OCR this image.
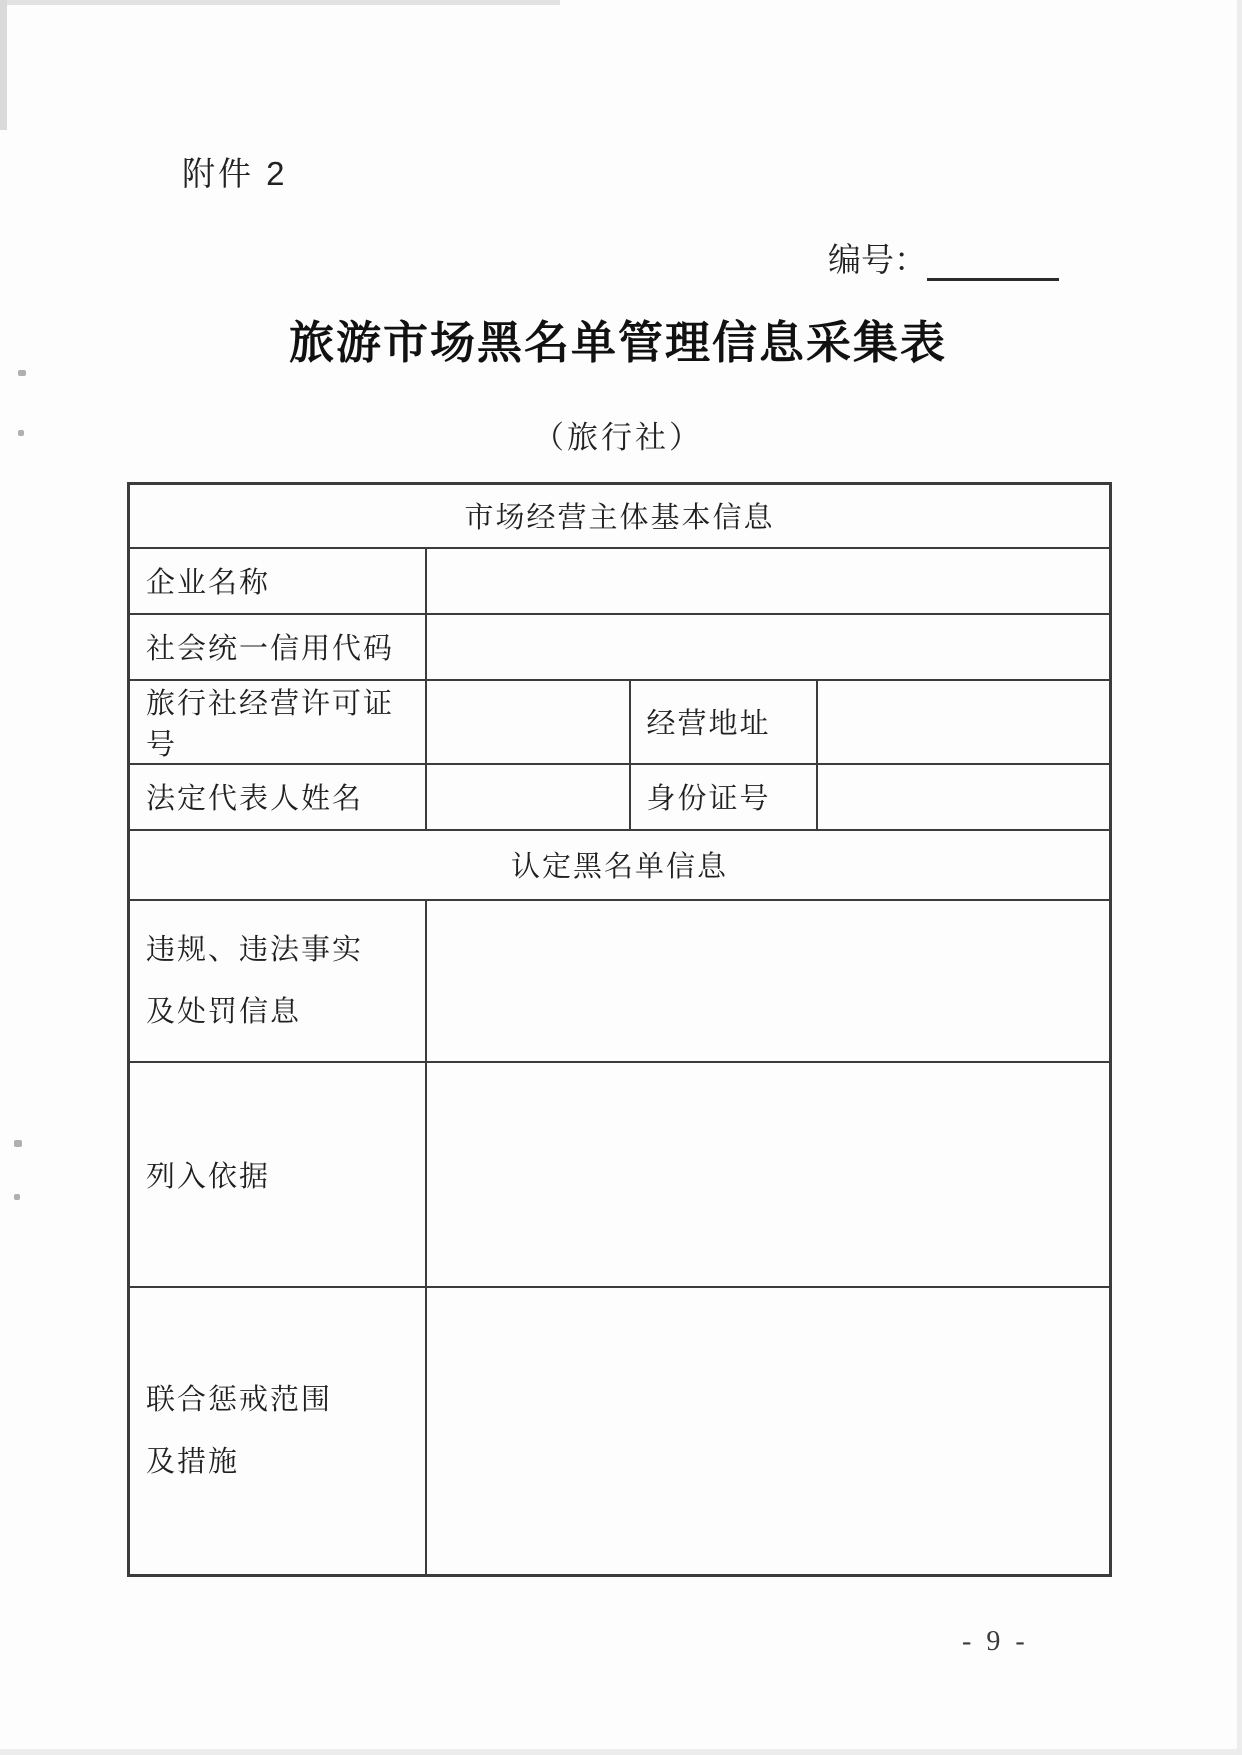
附件 2
编号：
旅游市场黑名单管理信息采集表
（旅行社）
市场经营主体基本信息			
企业名称			
社会统一信用代码			
旅行社经营许可证号		经营地址	
法定代表人姓名		身份证号	
认定黑名单信息			

违规、违法事实
及处罚信息			

列入依据			

联合惩戒范围
及措施			

- 9 -
